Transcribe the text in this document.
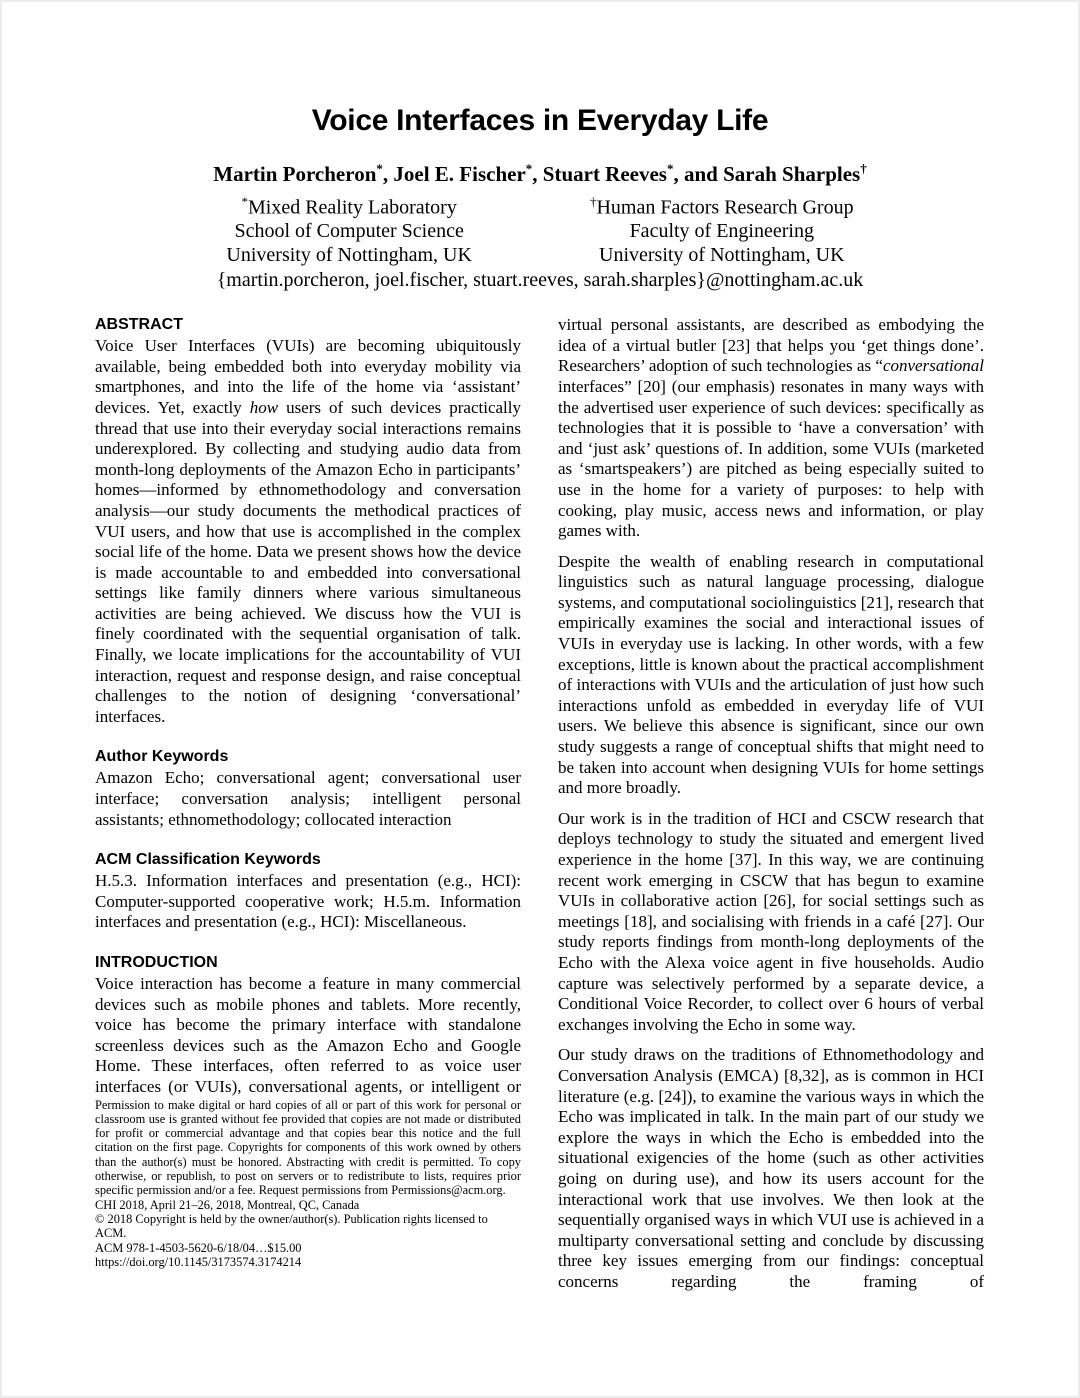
Voice Interfaces in Everyday Life
Martin Porcheron*, Joel E. Fischer*, Stuart Reeves*, and Sarah Sharples†
*Mixed Reality Laboratory
School of Computer Science
University of Nottingham, UK
†Human Factors Research Group
Faculty of Engineering
University of Nottingham, UK
{martin.porcheron, joel.fischer, stuart.reeves, sarah.sharples}@nottingham.ac.uk
ABSTRACT

Voice User Interfaces (VUIs) are becoming ubiquitously available, being embedded both into everyday mobility via smartphones, and into the life of the home via ‘assistant’ devices. Yet, exactly how users of such devices practically thread that use into their everyday social interactions remains underexplored. By collecting and studying audio data from month-long deployments of the Amazon Echo in participants’ homes—informed by ethnomethodology and conversation analysis—our study documents the methodical practices of VUI users, and how that use is accomplished in the complex social life of the home. Data we present shows how the device is made accountable to and embedded into conversational settings like family dinners where various simultaneous activities are being achieved. We discuss how the VUI is finely coordinated with the sequential organisation of talk. Finally, we locate implications for the accountability of VUI interaction, request and response design, and raise conceptual challenges to the notion of designing ‘conversational’ interfaces.

Author Keywords

Amazon Echo; conversational agent; conversational user interface; conversation analysis; intelligent personal assistants; ethnomethodology; collocated interaction

ACM Classification Keywords

H.5.3. Information interfaces and presentation (e.g., HCI): Computer-supported cooperative work; H.5.m. Information interfaces and presentation (e.g., HCI): Miscellaneous.

INTRODUCTION

Voice interaction has become a feature in many commercial devices such as mobile phones and tablets. More recently, voice has become the primary interface with standalone screenless devices such as the Amazon Echo and Google Home. These interfaces, often referred to as voice user interfaces (or VUIs), conversational agents, or intelligent or

Permission to make digital or hard copies of all or part of this work for personal or classroom use is granted without fee provided that copies are not made or distributed for profit or commercial advantage and that copies bear this notice and the full citation on the first page. Copyrights for components of this work owned by others than the author(s) must be honored. Abstracting with credit is permitted. To copy otherwise, or republish, to post on servers or to redistribute to lists, requires prior specific permission and/or a fee. Request permissions from Permissions@acm.org.

CHI 2018, April 21–26, 2018, Montreal, QC, Canada

© 2018 Copyright is held by the owner/author(s). Publication rights licensed to ACM.

ACM 978-1-4503-5620-6/18/04…$15.00

https://doi.org/10.1145/3173574.3174214

virtual personal assistants, are described as embodying the idea of a virtual butler [23] that helps you ‘get things done’. Researchers’ adoption of such technologies as “conversational interfaces” [20] (our emphasis) resonates in many ways with the advertised user experience of such devices: specifically as technologies that it is possible to ‘have a conversation’ with and ‘just ask’ questions of. In addition, some VUIs (marketed as ‘smartspeakers’) are pitched as being especially suited to use in the home for a variety of purposes: to help with cooking, play music, access news and information, or play games with.

Despite the wealth of enabling research in computational linguistics such as natural language processing, dialogue systems, and computational sociolinguistics [21], research that empirically examines the social and interactional issues of VUIs in everyday use is lacking. In other words, with a few exceptions, little is known about the practical accomplishment of interactions with VUIs and the articulation of just how such interactions unfold as embedded in everyday life of VUI users. We believe this absence is significant, since our own study suggests a range of conceptual shifts that might need to be taken into account when designing VUIs for home settings and more broadly.

Our work is in the tradition of HCI and CSCW research that deploys technology to study the situated and emergent lived experience in the home [37]. In this way, we are continuing recent work emerging in CSCW that has begun to examine VUIs in collaborative action [26], for social settings such as meetings [18], and socialising with friends in a café [27]. Our study reports findings from month-long deployments of the Echo with the Alexa voice agent in five households. Audio capture was selectively performed by a separate device, a Conditional Voice Recorder, to collect over 6 hours of verbal exchanges involving the Echo in some way.

Our study draws on the traditions of Ethnomethodology and Conversation Analysis (EMCA) [8,32], as is common in HCI literature (e.g. [24]), to examine the various ways in which the Echo was implicated in talk. In the main part of our study we explore the ways in which the Echo is embedded into the situational exigencies of the home (such as other activities going on during use), and how its users account for the interactional work that use involves. We then look at the sequentially organised ways in which VUI use is achieved in a multiparty conversational setting and conclude by discussing three key issues emerging from our findings: conceptual concerns regarding the framing of
